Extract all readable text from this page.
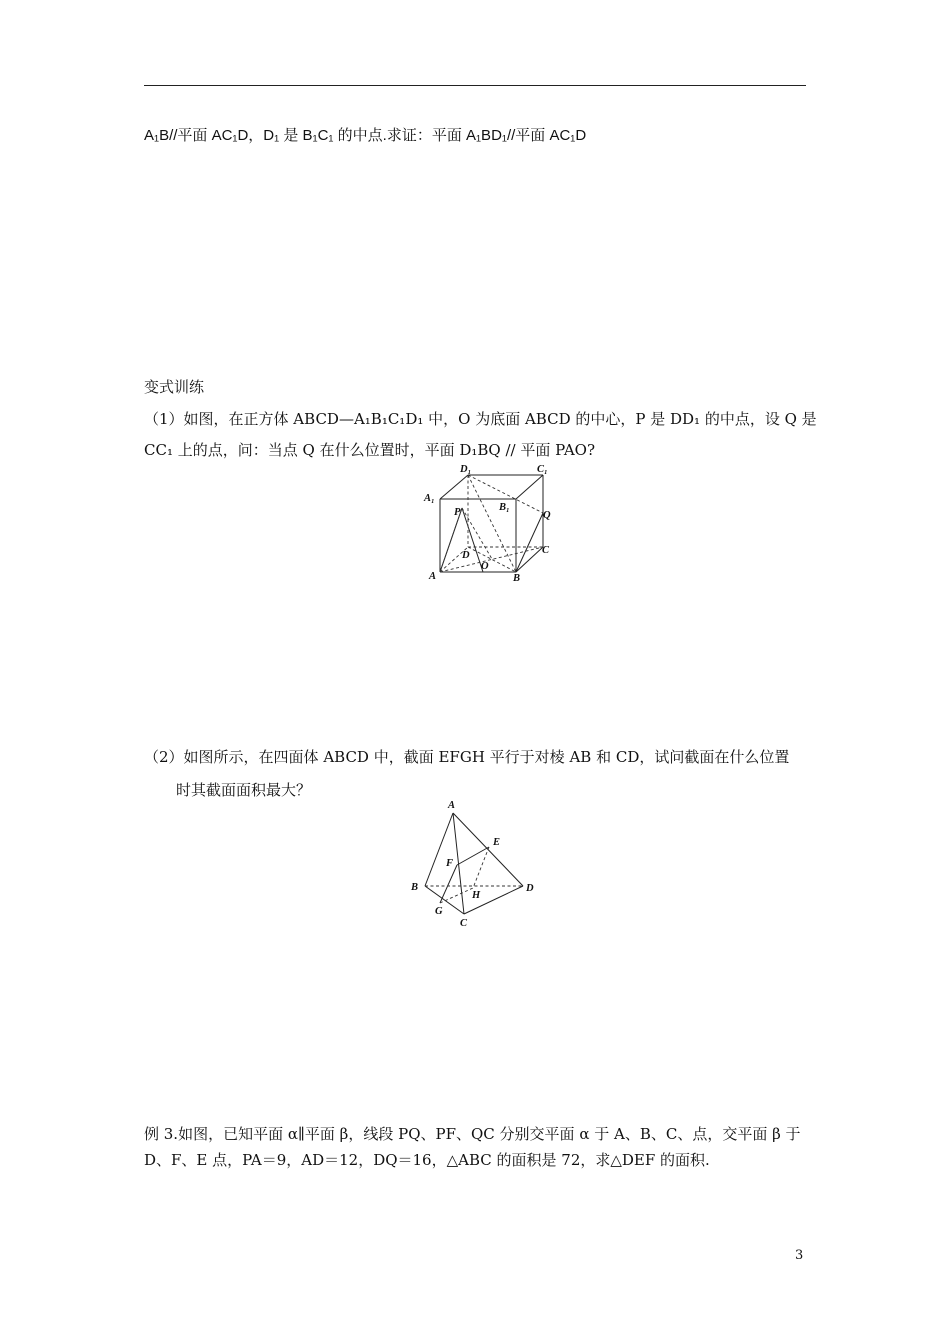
A₁B//平面 AC₁D，D₁ 是 B₁C₁ 的中点.求证：平面 A₁BD₁//平面 AC₁D
变式训练
（1）如图，在正方体 ABCD—A₁B₁C₁D₁ 中，O 为底面 ABCD 的中心，P 是 DD₁ 的中点，设 Q 是
CC₁ 上的点，问：当点 Q 在什么位置时，平面 D₁BQ // 平面 PAO?
D₁	C₁
A₁
B₁
P	Q
C
D
O
A	B
（2）如图所示，在四面体 ABCD 中，截面 EFGH 平行于对棱 AB 和 CD，试问截面在什么位置
时其截面面积最大？
A
E
F
B	D
H
G
C
例 3.如图，已知平面 α∥平面 β，线段 PQ、PF、QC 分别交平面 α 于 A、B、C、点，交平面 β 于
D、F、E 点，PA＝9，AD＝12，DQ＝16，△ABC 的面积是 72，求△DEF 的面积.
3
